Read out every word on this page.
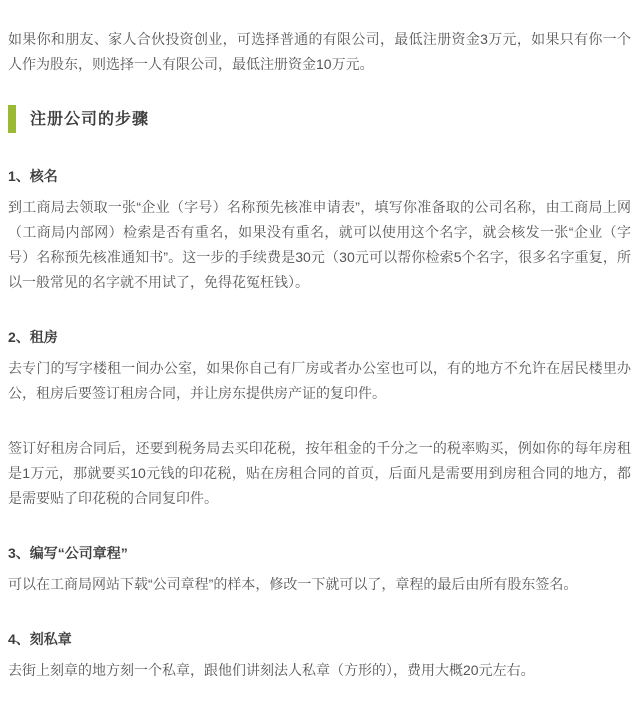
如果你和朋友、家人合伙投资创业，可选择普通的有限公司，最低注册资金3万元，如果只有你一个人作为股东，则选择一人有限公司，最低注册资金10万元。

注册公司的步骤
1、核名

到工商局去领取一张“企业（字号）名称预先核准申请表”，填写你准备取的公司名称，由工商局上网（工商局内部网）检索是否有重名，如果没有重名，就可以使用这个名字，就会核发一张“企业（字号）名称预先核准通知书”。这一步的手续费是30元（30元可以帮你检索5个名字，很多名字重复，所以一般常见的名字就不用试了，免得花冤枉钱）。

2、租房

去专门的写字楼租一间办公室，如果你自己有厂房或者办公室也可以，有的地方不允许在居民楼里办公，租房后要签订租房合同，并让房东提供房产证的复印件。

签订好租房合同后，还要到税务局去买印花税，按年租金的千分之一的税率购买，例如你的每年房租是1万元，那就要买10元钱的印花税，贴在房租合同的首页，后面凡是需要用到房租合同的地方，都是需要贴了印花税的合同复印件。

3、编写“公司章程”

可以在工商局网站下载“公司章程”的样本，修改一下就可以了，章程的最后由所有股东签名。

4、刻私章

去街上刻章的地方刻一个私章，跟他们讲刻法人私章（方形的），费用大概20元左右。
